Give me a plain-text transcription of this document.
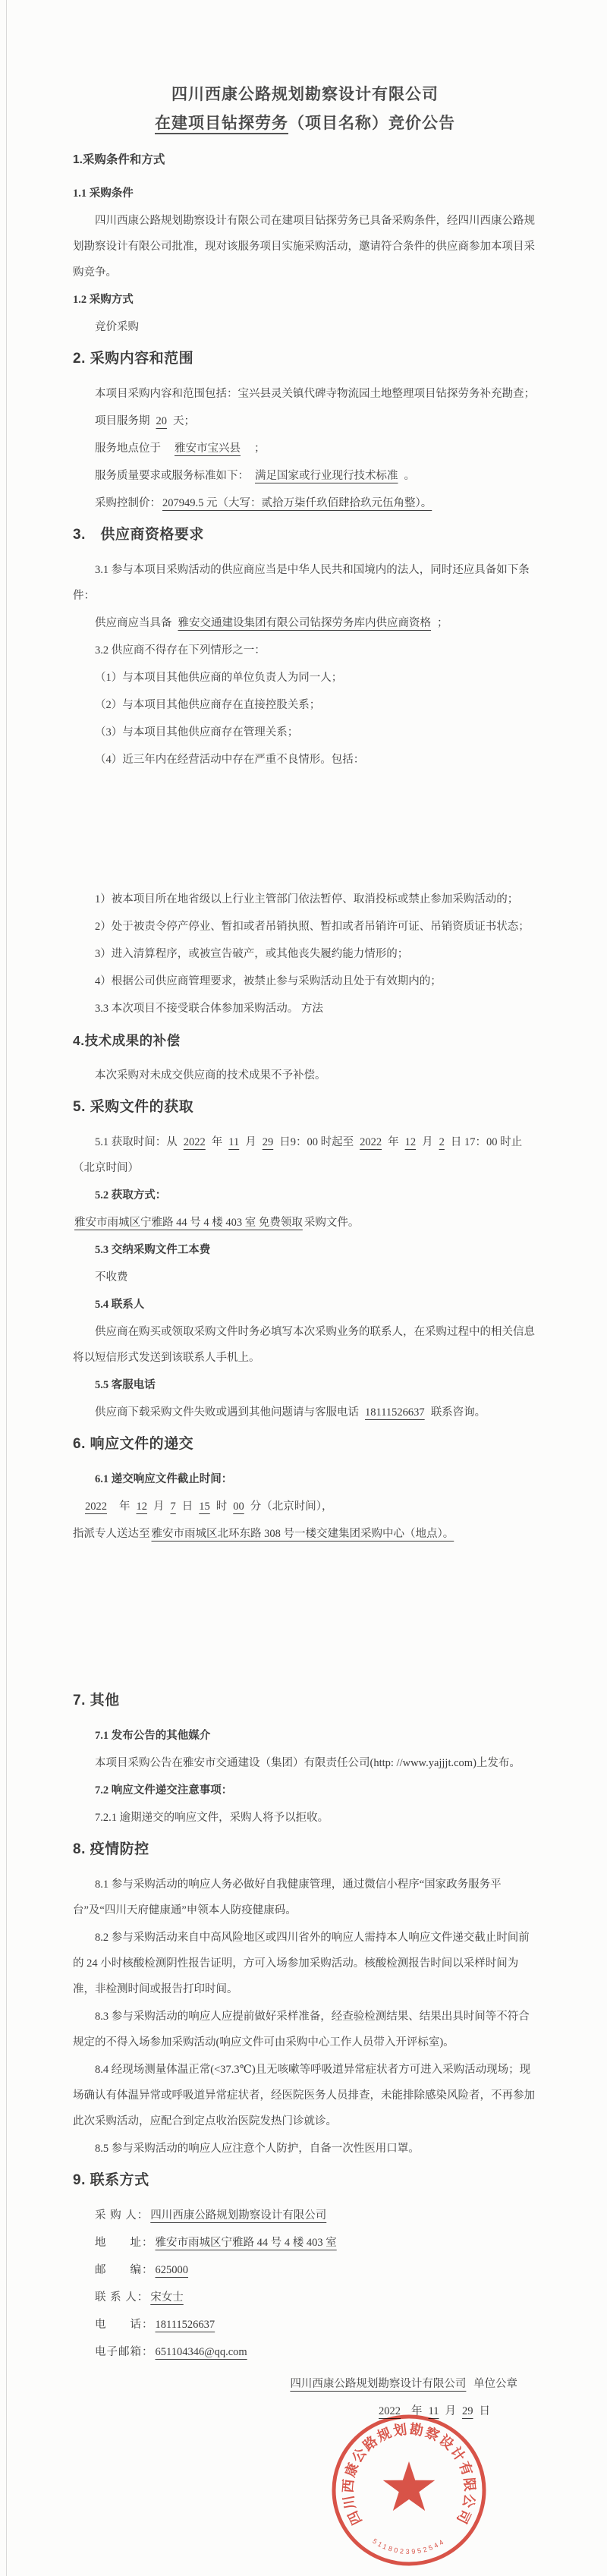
四川西康公路规划勘察设计有限公司
在建项目钻探劳务（项目名称）竞价公告
1.采购条件和方式

1.1 采购条件

四川西康公路规划勘察设计有限公司在建项目钻探劳务已具备采购条件，经四川西康公路规划勘察设计有限公司批准，现对该服务项目实施采购活动，邀请符合条件的供应商参加本项目采购竞争。

1.2 采购方式

竞价采购

2. 采购内容和范围

本项目采购内容和范围包括：宝兴县灵关镇代碑寺物流园土地整理项目钻探劳务补充勘查；

项目服务期 20 天；

服务地点位于 雅安市宝兴县 ；

服务质量要求或服务标准如下： 满足国家或行业现行技术标准 。

采购控制价： 207949.5 元（大写：贰拾万柒仟玖佰肆拾玖元伍角整）。

3.　供应商资格要求

3.1 参与本项目采购活动的供应商应当是中华人民共和国境内的法人，同时还应具备如下条件：

供应商应当具备 雅安交通建设集团有限公司钻探劳务库内供应商资格 ；

3.2 供应商不得存在下列情形之一：

（1）与本项目其他供应商的单位负责人为同一人；

（2）与本项目其他供应商存在直接控股关系；

（3）与本项目其他供应商存在管理关系；

（4）近三年内在经营活动中存在严重不良情形。包括：

1）被本项目所在地省级以上行业主管部门依法暂停、取消投标或禁止参加采购活动的；

2）处于被责令停产停业、暂扣或者吊销执照、暂扣或者吊销许可证、吊销资质证书状态；

3）进入清算程序，或被宣告破产，或其他丧失履约能力情形的；

4）根据公司供应商管理要求，被禁止参与采购活动且处于有效期内的；

3.3 本次项目不接受联合体参加采购活动。 方法

4.技术成果的补偿

本次采购对未成交供应商的技术成果不予补偿。

5. 采购文件的获取

5.1 获取时间：从 2022 年 11 月 29 日9：00 时起至 2022 年 12 月 2 日 17：00 时止（北京时间）

5.2 获取方式：

雅安市雨城区宁雅路 44 号 4 楼 403 室 免费领取 采购文件。

5.3 交纳采购文件工本费

不收费

5.4 联系人

供应商在购买或领取采购文件时务必填写本次采购业务的联系人，在采购过程中的相关信息将以短信形式发送到该联系人手机上。

5.5 客服电话

供应商下载采购文件失败或遇到其他问题请与客服电话 18111526637 联系咨询。

6. 响应文件的递交

6.1 递交响应文件截止时间：

2022 年 12 月 7 日 15 时 00 分（北京时间），

指派专人送达至 雅安市雨城区北环东路 308 号一楼交建集团采购中心（地点）。

7. 其他

7.1 发布公告的其他媒介

本项目采购公告在雅安市交通建设（集团）有限责任公司(http: //www.yajjjt.com)上发布。

7.2 响应文件递交注意事项：

7.2.1 逾期递交的响应文件，采购人将予以拒收。

8. 疫情防控

8.1 参与采购活动的响应人务必做好自我健康管理，通过微信小程序“国家政务服务平台”及“四川天府健康通”申领本人防疫健康码。

8.2 参与采购活动来自中高风险地区或四川省外的响应人需持本人响应文件递交截止时间前的 24 小时核酸检测阴性报告证明，方可入场参加采购活动。核酸检测报告时间以采样时间为准，非检测时间或报告打印时间。

8.3 参与采购活动的响应人应提前做好采样准备，经查验检测结果、结果出具时间等不符合规定的不得入场参加采购活动(响应文件可由采购中心工作人员带入开评标室)。

8.4 经现场测量体温正常(<37.3℃)且无咳嗽等呼吸道异常症状者方可进入采购活动现场；现场确认有体温异常或呼吸道异常症状者，经医院医务人员排查，未能排除感染风险者，不再参加此次采购活动，应配合到定点收治医院发热门诊就诊。

8.5 参与采购活动的响应人应注意个人防护，自备一次性医用口罩。

9. 联系方式

采 购 人： 四川西康公路规划勘察设计有限公司

地　　址： 雅安市雨城区宁雅路 44 号 4 楼 403 室

邮　　编： 625000

联 系 人： 宋女士

电　　话： 18111526637

电子邮箱： 651104346@qq.com

四川西康公路规划勘察设计有限公司 单位公章

2022 年 11 月 29 日

四川西康公路规划勘察设计有限公司
5118023952544
